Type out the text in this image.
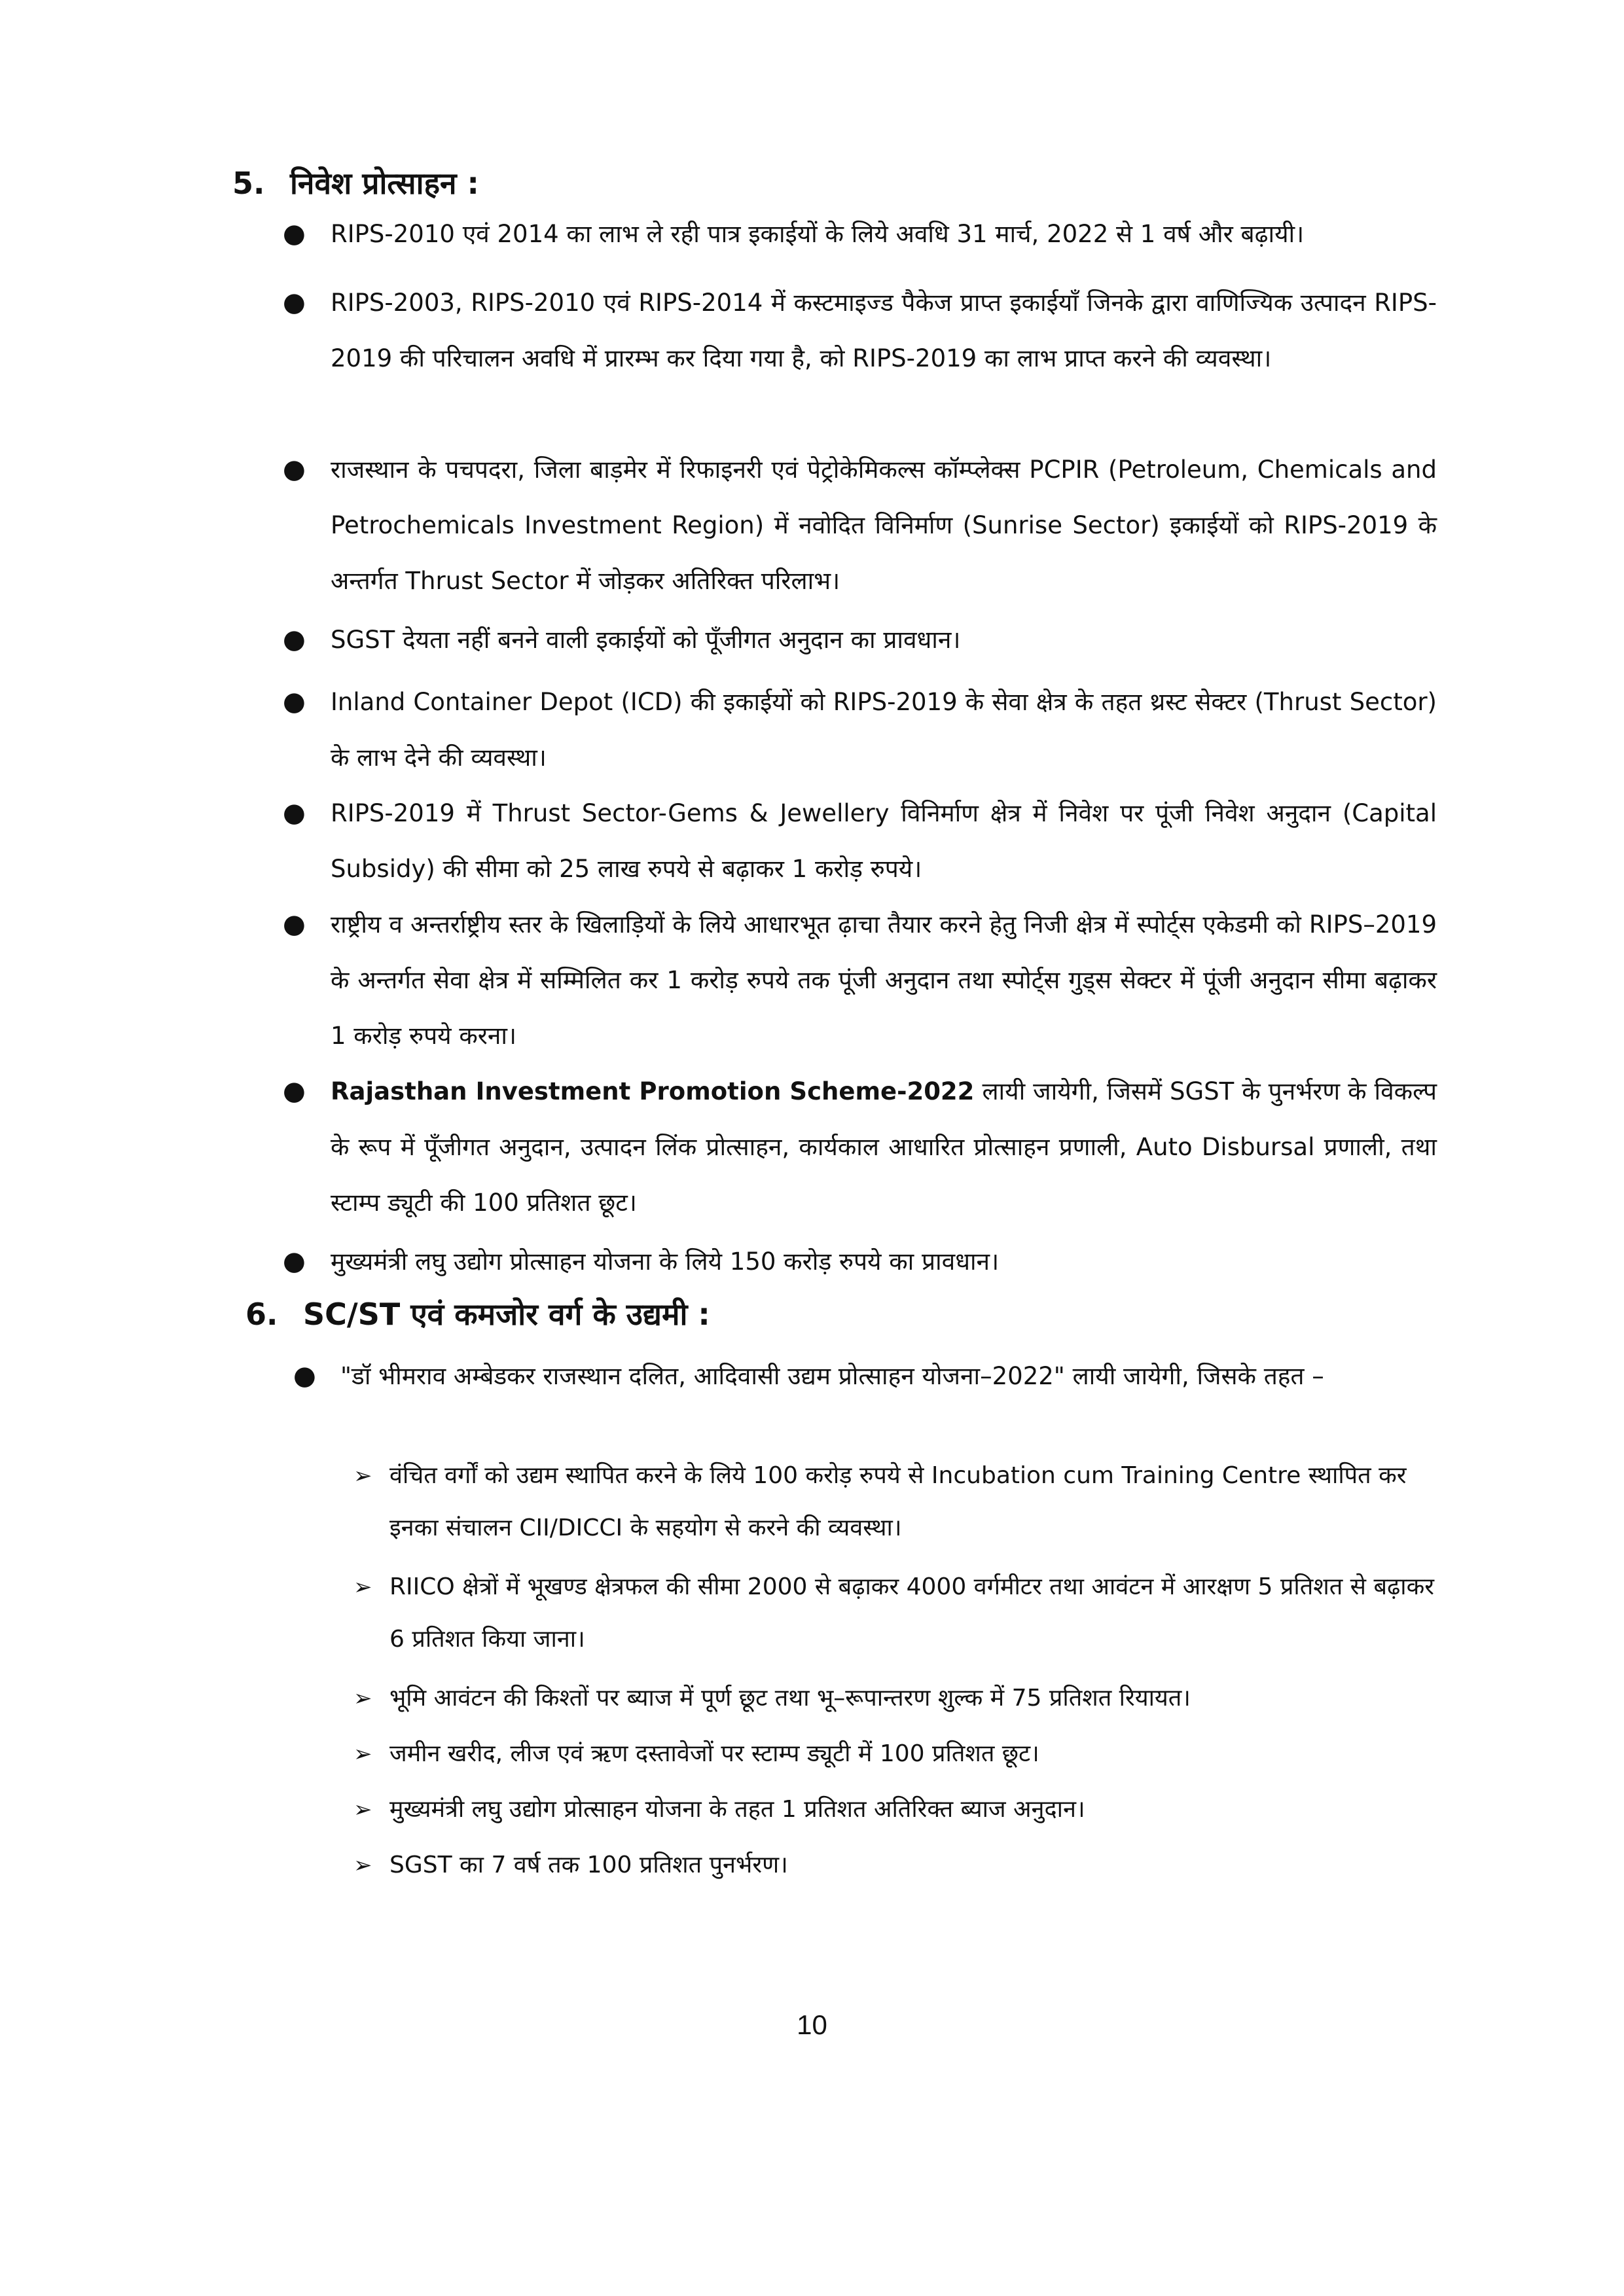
5. निवेश प्रोत्साहन :
● RIPS-2010 एवं 2014 का लाभ ले रही पात्र इकाईयों के लिये अवधि 31 मार्च, 2022 से 1 वर्ष और बढ़ायी।
● RIPS-2003, RIPS-2010 एवं RIPS-2014 में कस्टमाइज्ड पैकेज प्राप्त इकाईयाँ जिनके द्वारा वाणिज्यिक उत्पादन RIPS-2019 की परिचालन अवधि में प्रारम्भ कर दिया गया है, को RIPS-2019 का लाभ प्राप्त करने की व्यवस्था।
● राजस्थान के पचपदरा, जिला बाड़मेर में रिफाइनरी एवं पेट्रोकेमिकल्स कॉम्प्लेक्स PCPIR (Petroleum, Chemicals and Petrochemicals Investment Region) में नवोदित विनिर्माण (Sunrise Sector) इकाईयों को RIPS-2019 के अन्तर्गत Thrust Sector में जोड़कर अतिरिक्त परिलाभ।
● SGST देयता नहीं बनने वाली इकाईयों को पूँजीगत अनुदान का प्रावधान।
● Inland Container Depot (ICD) की इकाईयों को RIPS-2019 के सेवा क्षेत्र के तहत थ्रस्ट सेक्टर (Thrust Sector) के लाभ देने की व्यवस्था।
● RIPS-2019 में Thrust Sector-Gems & Jewellery विनिर्माण क्षेत्र में निवेश पर पूंजी निवेश अनुदान (Capital Subsidy) की सीमा को 25 लाख रुपये से बढ़ाकर 1 करोड़ रुपये।
● राष्ट्रीय व अन्तर्राष्ट्रीय स्तर के खिलाड़ियों के लिये आधारभूत ढ़ाचा तैयार करने हेतु निजी क्षेत्र में स्पोर्ट्स एकेडमी को RIPS–2019 के अन्तर्गत सेवा क्षेत्र में सम्मिलित कर 1 करोड़ रुपये तक पूंजी अनुदान तथा स्पोर्ट्स गुड्स सेक्टर में पूंजी अनुदान सीमा बढ़ाकर 1 करोड़ रुपये करना।
● Rajasthan Investment Promotion Scheme-2022 लायी जायेगी, जिसमें SGST के पुनर्भरण के विकल्प के रूप में पूँजीगत अनुदान, उत्पादन लिंक प्रोत्साहन, कार्यकाल आधारित प्रोत्साहन प्रणाली, Auto Disbursal प्रणाली, तथा स्टाम्प ड्यूटी की 100 प्रतिशत छूट।
● मुख्यमंत्री लघु उद्योग प्रोत्साहन योजना के लिये 150 करोड़ रुपये का प्रावधान।
6. SC/ST एवं कमजोर वर्ग के उद्यमी :
● "डॉ भीमराव अम्बेडकर राजस्थान दलित, आदिवासी उद्यम प्रोत्साहन योजना–2022" लायी जायेगी, जिसके तहत –
➢ वंचित वर्गों को उद्यम स्थापित करने के लिये 100 करोड़ रुपये से Incubation cum Training Centre स्थापित कर इनका संचालन CII/DICCI के सहयोग से करने की व्यवस्था।
➢ RIICO क्षेत्रों में भूखण्ड क्षेत्रफल की सीमा 2000 से बढ़ाकर 4000 वर्गमीटर तथा आवंटन में आरक्षण 5 प्रतिशत से बढ़ाकर 6 प्रतिशत किया जाना।
➢ भूमि आवंटन की किश्तों पर ब्याज में पूर्ण छूट तथा भू–रूपान्तरण शुल्क में 75 प्रतिशत रियायत।
➢ जमीन खरीद, लीज एवं ऋण दस्तावेजों पर स्टाम्प ड्यूटी में 100 प्रतिशत छूट।
➢ मुख्यमंत्री लघु उद्योग प्रोत्साहन योजना के तहत 1 प्रतिशत अतिरिक्त ब्याज अनुदान।
➢ SGST का 7 वर्ष तक 100 प्रतिशत पुनर्भरण।
10
